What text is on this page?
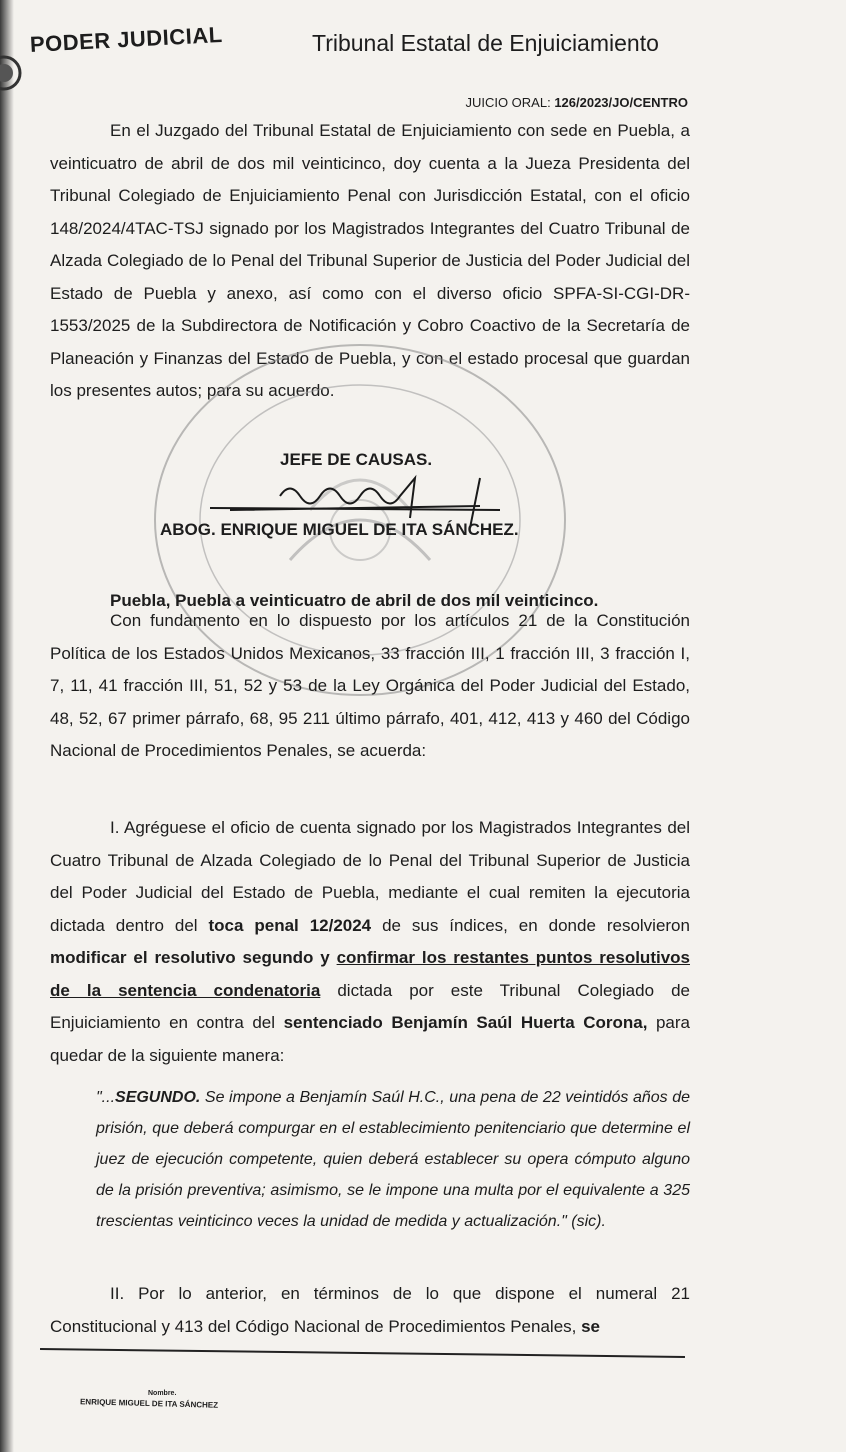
PODER JUDICIAL	Tribunal Estatal de Enjuiciamiento
JUICIO ORAL: 126/2023/JO/CENTRO
En el Juzgado del Tribunal Estatal de Enjuiciamiento con sede en Puebla, a veinticuatro de abril de dos mil veinticinco, doy cuenta a la Jueza Presidenta del Tribunal Colegiado de Enjuiciamiento Penal con Jurisdicción Estatal, con el oficio 148/2024/4TAC-TSJ signado por los Magistrados Integrantes del Cuatro Tribunal de Alzada Colegiado de lo Penal del Tribunal Superior de Justicia del Poder Judicial del Estado de Puebla y anexo, así como con el diverso oficio SPFA-SI-CGI-DR-1553/2025 de la Subdirectora de Notificación y Cobro Coactivo de la Secretaría de Planeación y Finanzas del Estado de Puebla, y con el estado procesal que guardan los presentes autos; para su acuerdo.
JEFE DE CAUSAS.
ABOG. ENRIQUE MIGUEL DE ITA SÁNCHEZ.
Puebla, Puebla a veinticuatro de abril de dos mil veinticinco.
Con fundamento en lo dispuesto por los artículos 21 de la Constitución Política de los Estados Unidos Mexicanos, 33 fracción III, 1 fracción III, 3 fracción I, 7, 11, 41 fracción III, 51, 52 y 53 de la Ley Orgánica del Poder Judicial del Estado, 48, 52, 67 primer párrafo, 68, 95 211 último párrafo, 401, 412, 413 y 460 del Código Nacional de Procedimientos Penales, se acuerda:
I. Agréguese el oficio de cuenta signado por los Magistrados Integrantes del Cuatro Tribunal de Alzada Colegiado de lo Penal del Tribunal Superior de Justicia del Poder Judicial del Estado de Puebla, mediante el cual remiten la ejecutoria dictada dentro del toca penal 12/2024 de sus índices, en donde resolvieron modificar el resolutivo segundo y confirmar los restantes puntos resolutivos de la sentencia condenatoria dictada por este Tribunal Colegiado de Enjuiciamiento en contra del sentenciado Benjamín Saúl Huerta Corona, para quedar de la siguiente manera:
"...SEGUNDO. Se impone a Benjamín Saúl H.C., una pena de 22 veintidós años de prisión, que deberá compurgar en el establecimiento penitenciario que determine el juez de ejecución competente, quien deberá establecer su opera cómputo alguno de la prisión preventiva; asimismo, se le impone una multa por el equivalente a 325 trescientas veinticinco veces la unidad de medida y actualización." (sic).
II. Por lo anterior, en términos de lo que dispone el numeral 21 Constitucional y 413 del Código Nacional de Procedimientos Penales, se
Nombre.
ENRIQUE MIGUEL DE ITA SÁNCHEZ
